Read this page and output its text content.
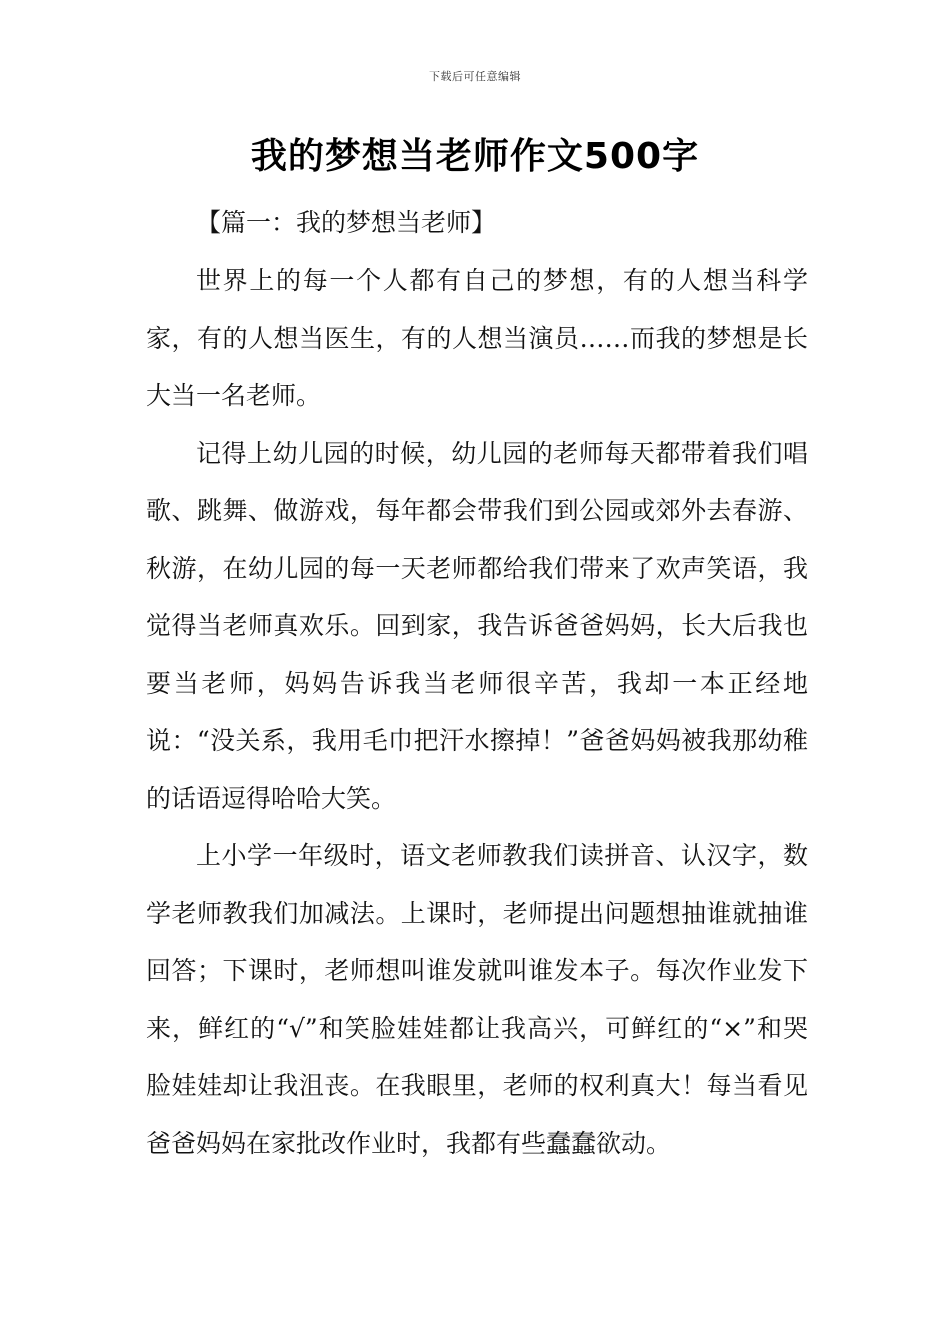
下载后可任意编辑
我的梦想当老师作文500字
【篇一：我的梦想当老师】

世界上的每一个人都有自己的梦想，有的人想当科学家，有的人想当医生，有的人想当演员……而我的梦想是长大当一名老师。

记得上幼儿园的时候，幼儿园的老师每天都带着我们唱歌、跳舞、做游戏，每年都会带我们到公园或郊外去春游、秋游，在幼儿园的每一天老师都给我们带来了欢声笑语，我觉得当老师真欢乐。回到家，我告诉爸爸妈妈，长大后我也要当老师，妈妈告诉我当老师很辛苦，我却一本正经地说：“没关系，我用毛巾把汗水擦掉！”爸爸妈妈被我那幼稚的话语逗得哈哈大笑。

上小学一年级时，语文老师教我们读拼音、认汉字，数学老师教我们加减法。上课时，老师提出问题想抽谁就抽谁回答；下课时，老师想叫谁发就叫谁发本子。每次作业发下来，鲜红的“√”和笑脸娃娃都让我高兴，可鲜红的“×”和哭脸娃娃却让我沮丧。在我眼里，老师的权利真大！每当看见爸爸妈妈在家批改作业时，我都有些蠢蠢欲动。
